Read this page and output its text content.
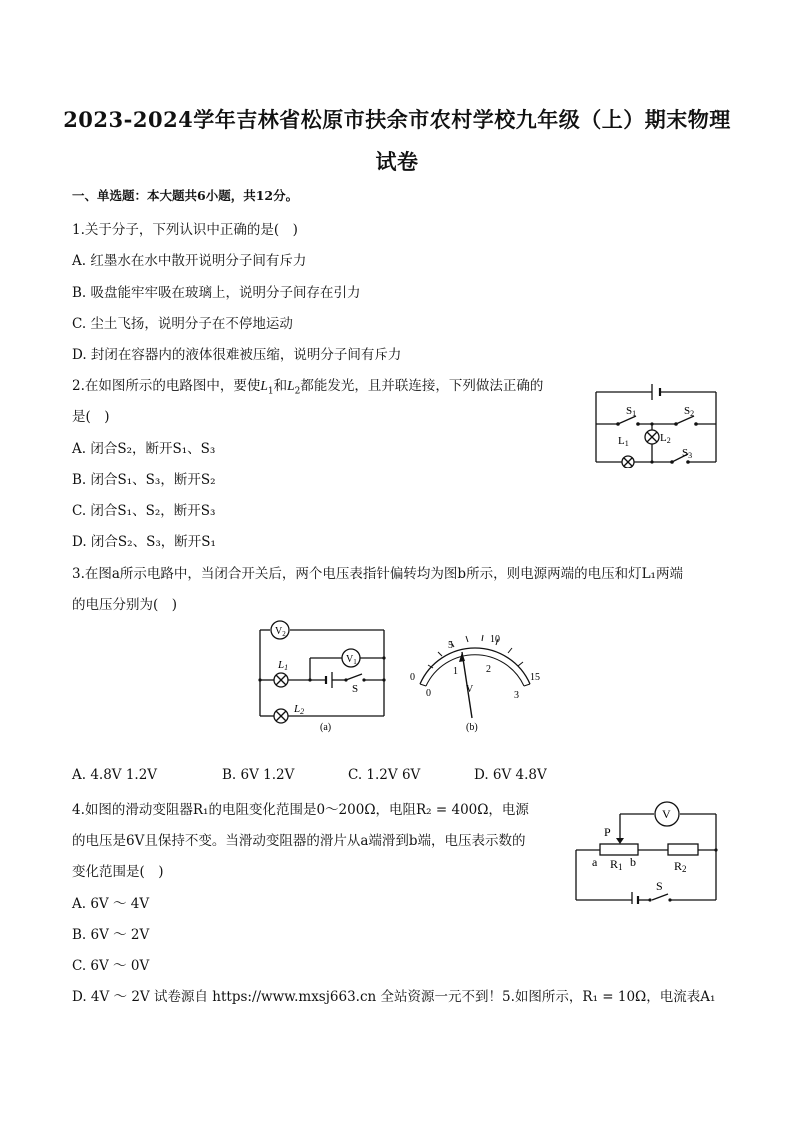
2023-2024学年吉林省松原市扶余市农村学校九年级（上）期末物理
试卷
一、单选题：本大题共6小题，共12分。
1.关于分子，下列认识中正确的是(　)
A. 红墨水在水中散开说明分子间有斥力
B. 吸盘能牢牢吸在玻璃上，说明分子间存在引力
C. 尘土飞扬，说明分子在不停地运动
D. 封闭在容器内的液体很难被压缩，说明分子间有斥力
2.在如图所示的电路图中，要使$L_1$和$L_2$都能发光，且并联连接，下列做法正确的
是(　)
A. 闭合S₂，断开S₁、S₃
B. 闭合S₁、S₃，断开S₂
C. 闭合S₁、S₂，断开S₃
D. 闭合S₂、S₃，断开S₁
S1	S2
S3
L1	L2
3.在图a所示电路中，当闭合开关后，两个电压表指针偏转均为图b所示，则电源两端的电压和灯L₁两端
的电压分别为(　)
$V_2$
$V_1$
L1
L2
S
(a)
0
5
10
15
0
1	2
3
V
(b)
A. 4.8V 1.2V	B. 6V 1.2V	C. 1.2V 6V	D. 6V 4.8V
4.如图的滑动变阻器R₁的电阻变化范围是0～200Ω，电阻R₂ = 400Ω，电源
的电压是6V且保持不变。当滑动变阻器的滑片从a端滑到b端，电压表示数的
变化范围是(　)
A. 6V ～ 4V
B. 6V ～ 2V
C. 6V ～ 0V
D. 4V ～ 2V 试卷源自 https://www.mxsj663.cn 全站资源一元不到！5.如图所示，R₁ = 10Ω，电流表A₁
P
a R1 b	R2
S
V
